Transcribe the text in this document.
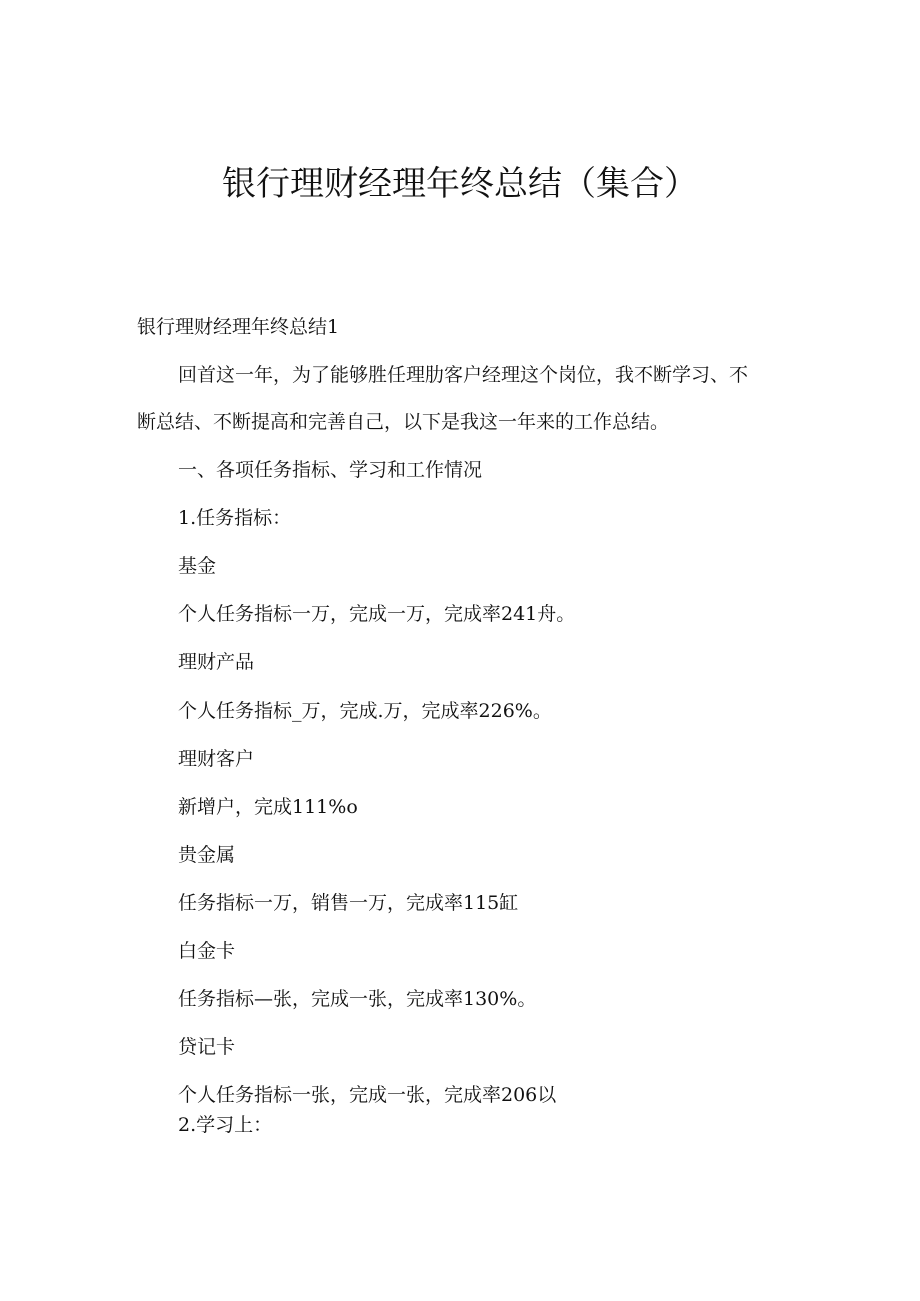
银行理财经理年终总结（集合）

银行理财经理年终总结1

回首这一年，为了能够胜任理肋客户经理这个岗位，我不断学习、不

断总结、不断提高和完善自己，以下是我这一年来的工作总结。

一、各项任务指标、学习和工作情况

1.任务指标：

基金

个人任务指标一万，完成一万，完成率241舟。

理财产品

个人任务指标_万，完成.万，完成率226%。

理财客户

新增户，完成111%o

贵金属

任务指标一万，销售一万，完成率115缸

白金卡

任务指标—张，完成一张，完成率130%。

贷记卡

个人任务指标一张，完成一张，完成率206以

2.学习上：
